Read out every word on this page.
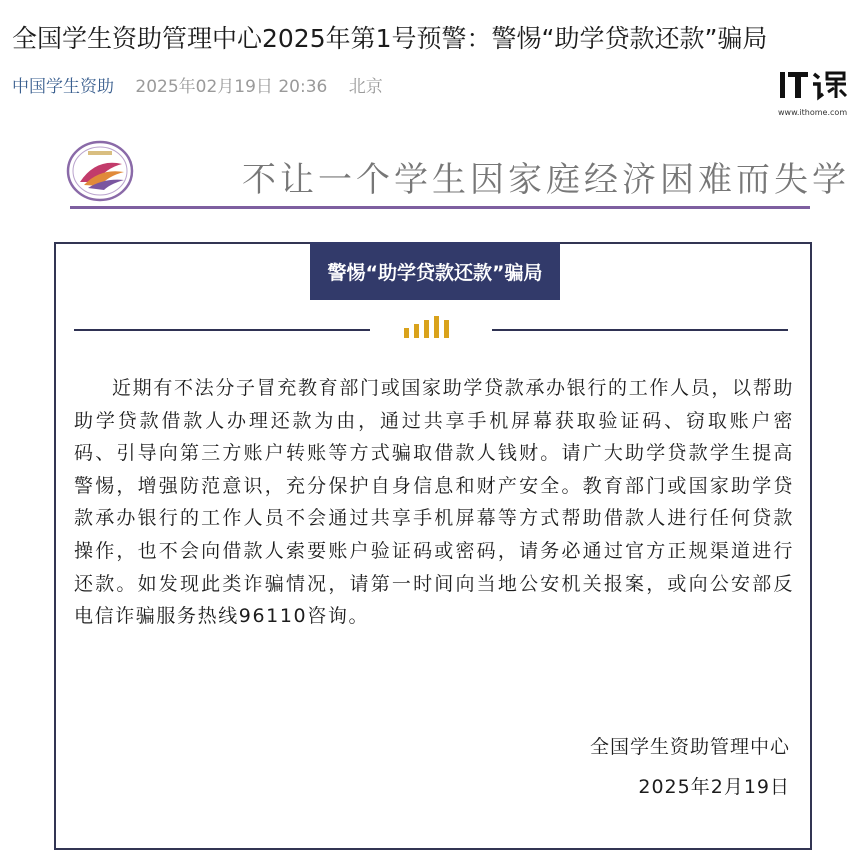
全国学生资助管理中心2025年第1号预警：警惕“助学贷款还款”骗局
中国学生资助 2025年02月19日 20:36 北京
www.ithome.com
不让一个学生因家庭经济困难而失学
警惕“助学贷款还款”骗局
近期有不法分子冒充教育部门或国家助学贷款承办银行的工作人员，以帮助助学贷款借款人办理还款为由，通过共享手机屏幕获取验证码、窃取账户密码、引导向第三方账户转账等方式骗取借款人钱财。请广大助学贷款学生提高警惕，增强防范意识，充分保护自身信息和财产安全。教育部门或国家助学贷款承办银行的工作人员不会通过共享手机屏幕等方式帮助借款人进行任何贷款操作，也不会向借款人索要账户验证码或密码，请务必通过官方正规渠道进行还款。如发现此类诈骗情况，请第一时间向当地公安机关报案，或向公安部反电信诈骗服务热线96110咨询。
全国学生资助管理中心
2025年2月19日
